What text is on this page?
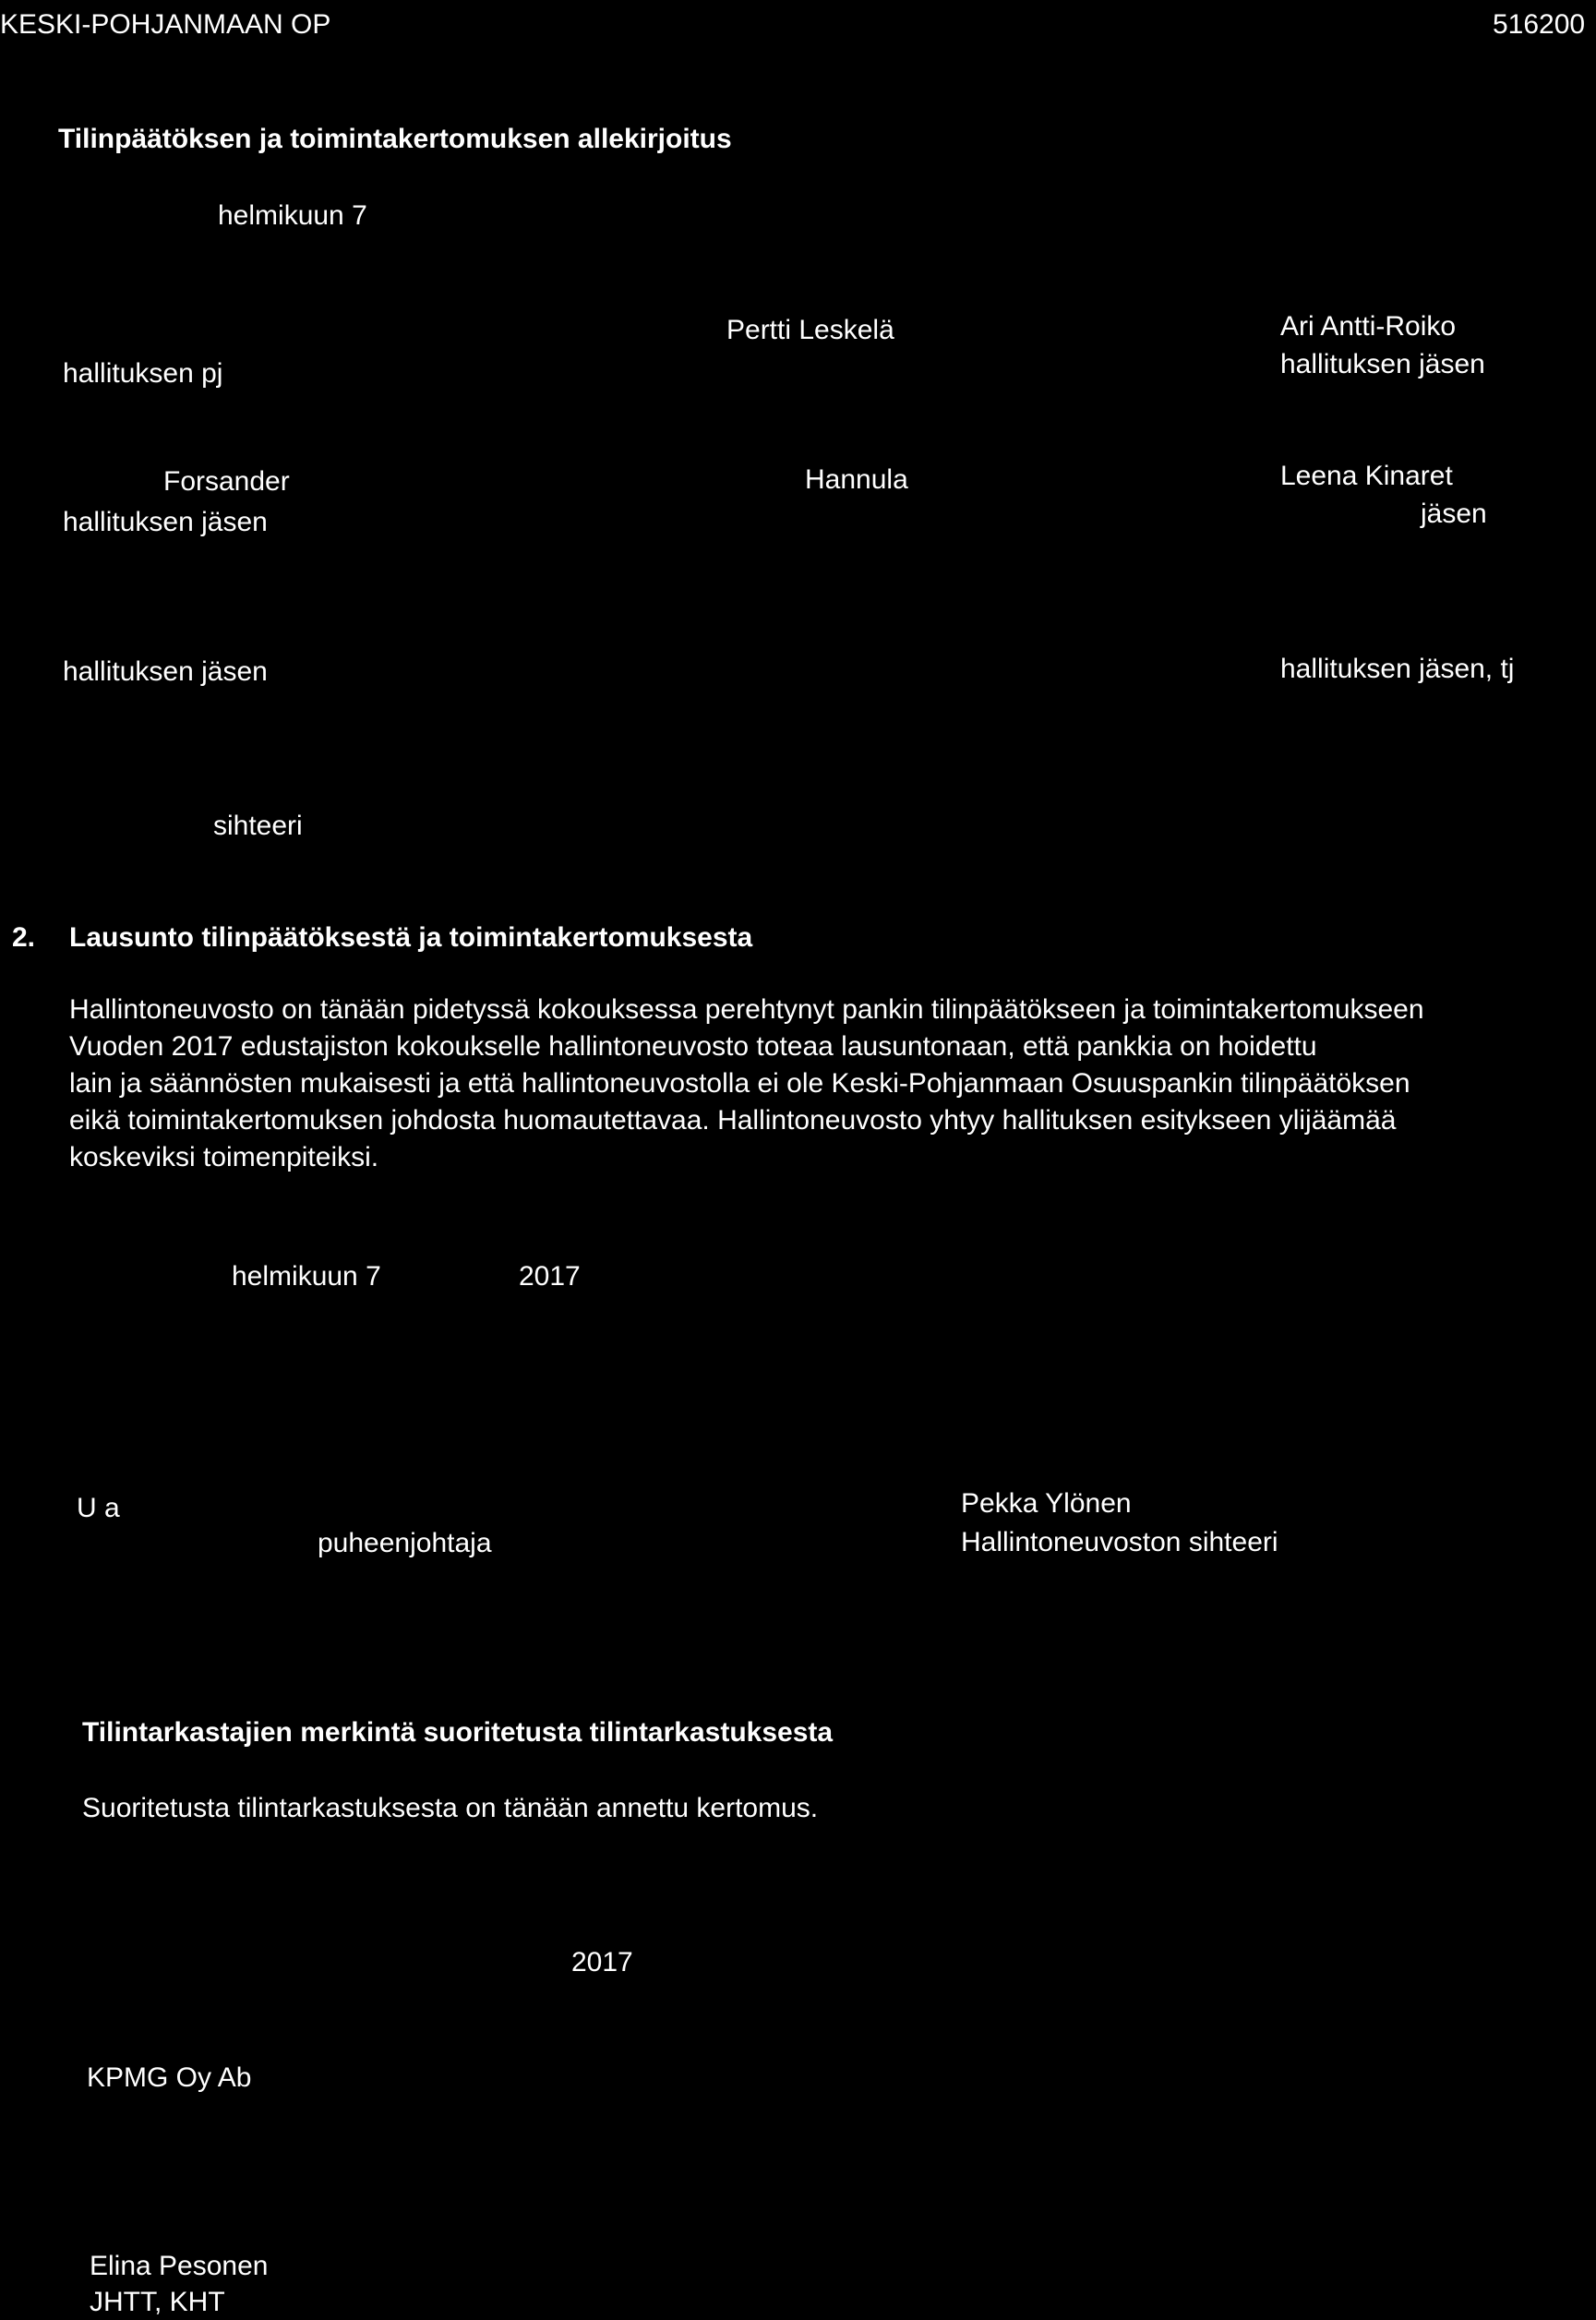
KESKI-POHJANMAAN OP	516200
Tilinpäätöksen ja toimintakertomuksen allekirjoitus
helmikuun 7
Pertti Leskelä	Ari Antti-Roiko
hallituksen pj	hallituksen jäsen
Forsander	Hannula	Leena Kinaret
hallituksen jäsen	jäsen
hallituksen jäsen	hallituksen jäsen, tj
sihteeri
2. Lausunto tilinpäätöksestä ja toimintakertomuksesta
Hallintoneuvosto on tänään pidetyssä kokouksessa perehtynyt pankin tilinpäätökseen ja toimintakertomukseen
Vuoden 2017 edustajiston kokoukselle hallintoneuvosto toteaa lausuntonaan, että pankkia on hoidettu
lain ja säännösten mukaisesti ja että hallintoneuvostolla ei ole Keski-Pohjanmaan Osuuspankin tilinpäätöksen
eikä toimintakertomuksen johdosta huomautettavaa. Hallintoneuvosto yhtyy hallituksen esitykseen ylijäämää
koskeviksi toimenpiteiksi.
helmikuun 7	2017
U a	Pekka Ylönen
puheenjohtaja	Hallintoneuvoston sihteeri
Tilintarkastajien merkintä suoritetusta tilintarkastuksesta
Suoritetusta tilintarkastuksesta on tänään annettu kertomus.
2017
KPMG Oy Ab
Elina Pesonen
JHTT, KHT
